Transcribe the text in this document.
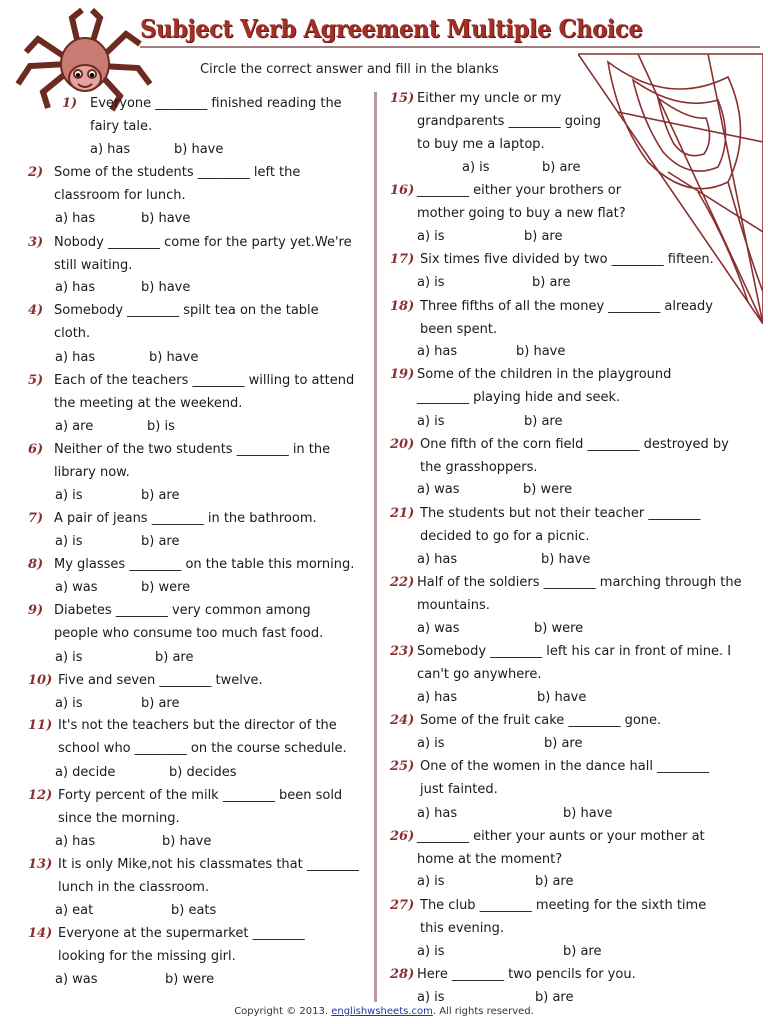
Subject Verb Agreement Multiple Choice
Circle the correct answer and fill in the blanks
1) Everyone ________ finished reading the fairy tale.
a) has	b) have
2) Some of the students ________ left the classroom for lunch.
a) has	b) have
3) Nobody ________ come for the party yet.We're still waiting.
a) has	b) have
4) Somebody ________ spilt tea on the table cloth.
a) has	b) have
5) Each of the teachers ________ willing to attend the meeting at the weekend.
a) are	b) is
6) Neither of the two students ________ in the library now.
a) is	b) are
7) A pair of jeans ________ in the bathroom.
a) is	b) are
8) My glasses ________ on the table this morning.
a) was	b) were
9) Diabetes ________ very common among people who consume too much fast food.
a) is	b) are
10) Five and seven ________ twelve.
a) is	b) are
11) It's not the teachers but the director of the school who ________ on the course schedule.
a) decide	b) decides
12) Forty percent of the milk ________ been sold since the morning.
a) has	b) have
13) It is only Mike,not his classmates that ________ lunch in the classroom.
a) eat	b) eats
14) Everyone at the supermarket ________ looking for the missing girl.
a) was	b) were
15) Either my uncle or my grandparents ________ going to buy me a laptop.
a) is	b) are
16) ________ either your brothers or mother going to buy a new flat?
a) is	b) are
17) Six times five divided by two ________ fifteen.
a) is	b) are
18) Three fifths of all the money ________ already been spent.
a) has	b) have
19) Some of the children in the playground ________ playing hide and seek.
a) is	b) are
20) One fifth of the corn field ________ destroyed by the grasshoppers.
a) was	b) were
21) The students but not their teacher ________ decided to go for a picnic.
a) has	b) have
22) Half of the soldiers ________ marching through the mountains.
a) was	b) were
23) Somebody ________ left his car in front of mine. I can't go anywhere.
a) has	b) have
24) Some of the fruit cake ________ gone.
a) is	b) are
25) One of the women in the dance hall ________ just fainted.
a) has	b) have
26) ________ either your aunts or your mother at home at the moment?
a) is	b) are
27) The club ________ meeting for the sixth time this evening.
a) is	b) are
28) Here ________ two pencils for you.
a) is	b) are
Copyright © 2013. englishwsheets.com. All rights reserved.
